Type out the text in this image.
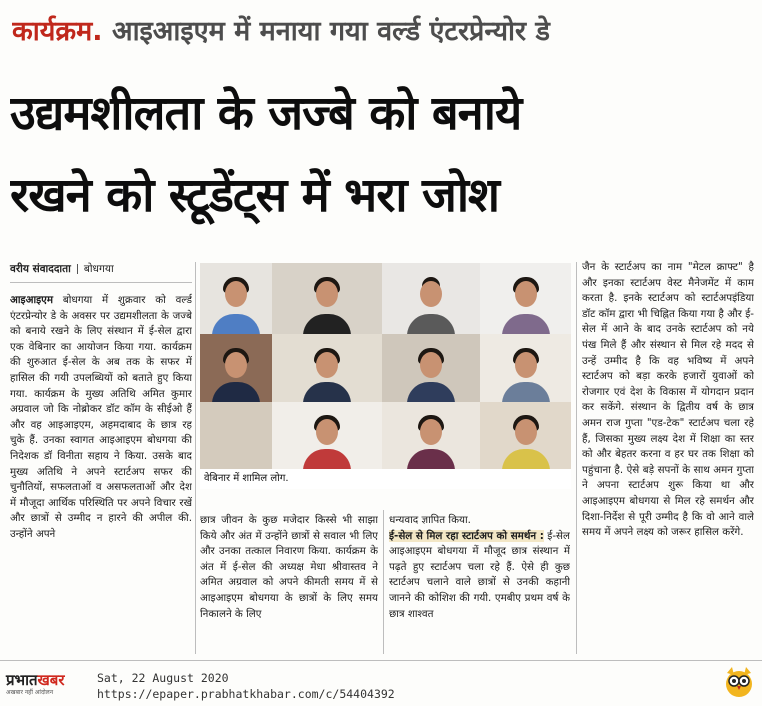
कार्यक्रम. आइआइएम में मनाया गया वर्ल्ड एंटरप्रेन्योर डे
उद्यमशीलता के जज्बे को बनाये
रखने को स्टूडेंट्स में भरा जोश
वरीय संवाददाता बोधगया

आइआइएम बोधगया में शुक्रवार को वर्ल्ड एंटरप्रेन्योर डे के अवसर पर उद्यमशीलता के जज्बे को बनाये रखने के लिए संस्थान में ई-सेल द्वारा एक वेबिनार का आयोजन किया गया. कार्यक्रम की शुरुआत ई-सेल के अब तक के सफर में हासिल की गयी उपलब्धियों को बताते हुए किया गया. कार्यक्रम के मुख्य अतिथि अमित कुमार अग्रवाल जो कि नोब्रोकर डॉट कॉम के सीईओ हैं और वह आइआइएम, अहमदाबाद के छात्र रह चुके हैं. उनका स्वागत आइआइएम बोधगया की निदेशक डॉ विनीता सहाय ने किया. उसके बाद मुख्य अतिथि ने अपने स्टार्टअप सफर की चुनौतियों, सफलताओं व असफलताओं और देश में मौजूदा आर्थिक परिस्थिति पर अपने विचार रखें और छात्रों से उम्मीद न हारने की अपील की. उन्होंने अपने

वेबिनार में शामिल लोग.

छात्र जीवन के कुछ मजेदार किस्से भी साझा किये और अंत में उन्होंने छात्रों से सवाल भी लिए और उनका तत्काल निवारण किया. कार्यक्रम के अंत में ई-सेल की अध्यक्ष मेधा श्रीवास्तव ने अमित अग्रवाल को अपने कीमती समय में से आइआइएम बोधगया के छात्रों के लिए समय निकालने के लिए

धन्यवाद ज्ञापित किया.

ई-सेल से मिल रहा स्टार्टअप को समर्थन : ई-सेल आइआइएम बोधगया में मौजूद छात्र संस्थान में पढ़ते हुए स्टार्टअप चला रहे हैं. ऐसे ही कुछ स्टार्टअप चलाने वाले छात्रों से उनकी कहानी जानने की कोशिश की गयी. एमबीए प्रथम वर्ष के छात्र शाश्वत

जैन के स्टार्टअप का नाम "मेटल क्राफ्ट" है और इनका स्टार्टअप वेस्ट मैनेजमेंट में काम करता है. इनके स्टार्टअप को स्टार्टअपइंडिया डॉट कॉम द्वारा भी चिह्नित किया गया है और ई-सेल में आने के बाद उनके स्टार्टअप को नये पंख मिले हैं और संस्थान से मिल रहे मदद से उन्हें उम्मीद है कि वह भविष्य में अपने स्टार्टअप को बड़ा करके हजारों युवाओं को रोजगार एवं देश के विकास में योगदान प्रदान कर सकेंगे. संस्थान के द्वितीय वर्ष के छात्र अमन राज गुप्ता "एड-टेक" स्टार्टअप चला रहे हैं, जिसका मुख्य लक्ष्य देश में शिक्षा का स्तर को और बेहतर करना व हर घर तक शिक्षा को पहुंचाना है. ऐसे बड़े सपनों के साथ अमन गुप्ता ने अपना स्टार्टअप शुरू किया था और आइआइएम बोधगया से मिल रहे समर्थन और दिशा-निर्देश से पूरी उम्मीद है कि वो आने वाले समय में अपने लक्ष्य को जरूर हासिल करेंगे.

प्रभातखबर
अखबार नहीं आंदोलन
Sat, 22 August 2020
https://epaper.prabhatkhabar.com/c/54404392
